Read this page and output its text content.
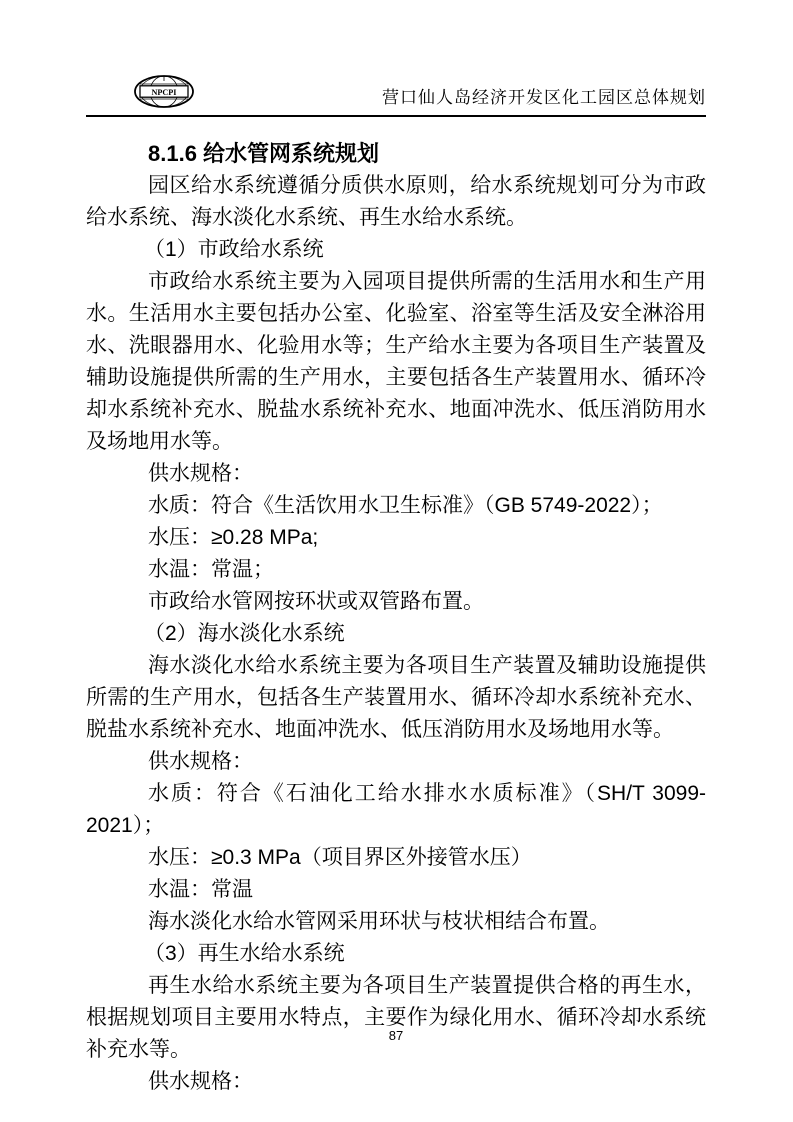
NPCPI	营口仙人岛经济开发区化工园区总体规划
8.1.6 给水管网系统规划

园区给水系统遵循分质供水原则，给水系统规划可分为市政给水系统、海水淡化水系统、再生水给水系统。

（1）市政给水系统

市政给水系统主要为入园项目提供所需的生活用水和生产用水。生活用水主要包括办公室、化验室、浴室等生活及安全淋浴用水、洗眼器用水、化验用水等；生产给水主要为各项目生产装置及辅助设施提供所需的生产用水，主要包括各生产装置用水、循环冷却水系统补充水、脱盐水系统补充水、地面冲洗水、低压消防用水及场地用水等。

供水规格：

水质：符合《生活饮用水卫生标准》（GB 5749-2022）；

水压：≥0.28 MPa;

水温：常温；

市政给水管网按环状或双管路布置。

（2）海水淡化水系统

海水淡化水给水系统主要为各项目生产装置及辅助设施提供所需的生产用水，包括各生产装置用水、循环冷却水系统补充水、脱盐水系统补充水、地面冲洗水、低压消防用水及场地用水等。

供水规格：

水质：符合《石油化工给水排水水质标准》（SH/T 3099-2021）；

水压：≥0.3 MPa（项目界区外接管水压）

水温：常温

海水淡化水给水管网采用环状与枝状相结合布置。

（3）再生水给水系统

再生水给水系统主要为各项目生产装置提供合格的再生水，根据规划项目主要用水特点，主要作为绿化用水、循环冷却水系统补充水等。

供水规格：

87
